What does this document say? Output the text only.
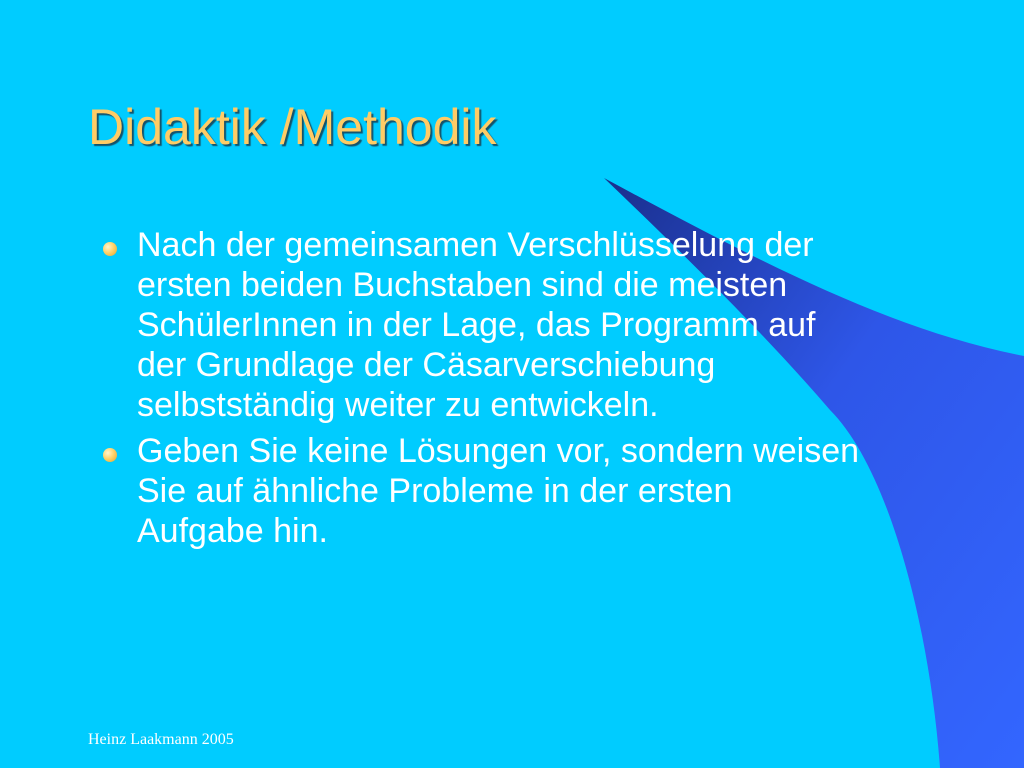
Didaktik /Methodik
Nach der gemeinsamen Verschlüsselung der ersten beiden Buchstaben sind die meisten SchülerInnen in der Lage, das Programm auf der Grundlage der Cäsarverschiebung selbstständig weiter zu entwickeln.
Geben Sie keine Lösungen vor, sondern weisen Sie auf ähnliche Probleme in der ersten Aufgabe hin.
Heinz Laakmann 2005
